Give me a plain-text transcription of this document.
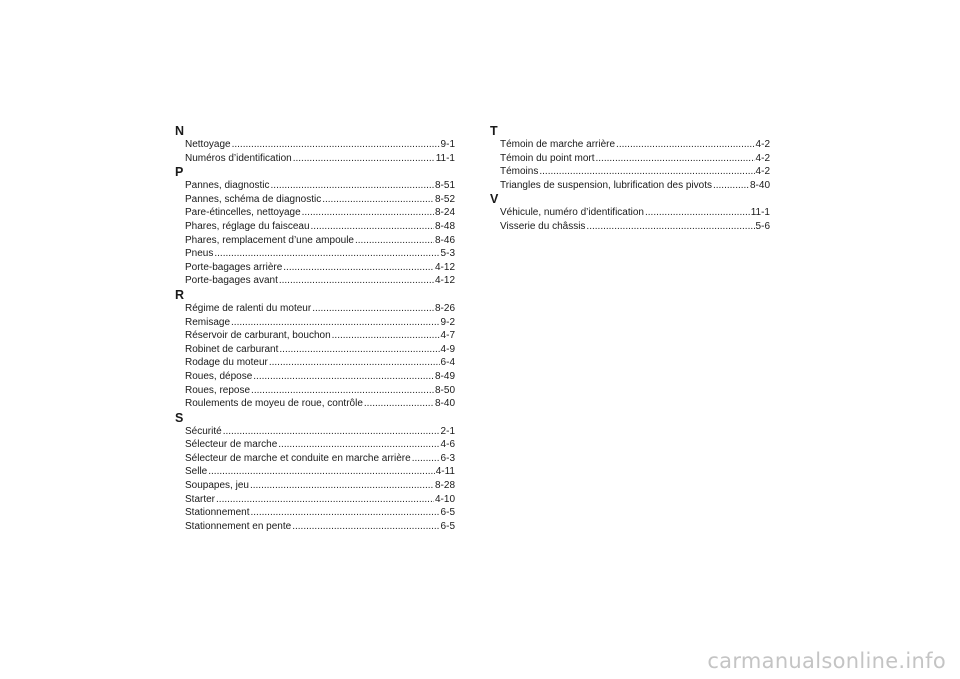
N
Nettoyage .....	9-1
Numéros d’identification .....	11-1
P
Pannes, diagnostic .....	8-51
Pannes, schéma de diagnostic .....	8-52
Pare-étincelles, nettoyage .....	8-24
Phares, réglage du faisceau .....	8-48
Phares, remplacement d’une ampoule .....	8-46
Pneus .....	5-3
Porte-bagages arrière .....	4-12
Porte-bagages avant .....	4-12
R
Régime de ralenti du moteur .....	8-26
Remisage .....	9-2
Réservoir de carburant, bouchon .....	4-7
Robinet de carburant .....	4-9
Rodage du moteur .....	6-4
Roues, dépose .....	8-49
Roues, repose .....	8-50
Roulements de moyeu de roue, contrôle .....	8-40
S
Sécurité .....	2-1
Sélecteur de marche .....	4-6
Sélecteur de marche et conduite en marche arrière .....	6-3
Selle .....	4-11
Soupapes, jeu .....	8-28
Starter .....	4-10
Stationnement .....	6-5
Stationnement en pente .....	6-5
T
Témoin de marche arrière .....	4-2
Témoin du point mort .....	4-2
Témoins .....	4-2
Triangles de suspension, lubrification des pivots .....	8-40
V
Véhicule, numéro d’identification .....	11-1
Visserie du châssis .....	5-6
carmanualsonline.info
